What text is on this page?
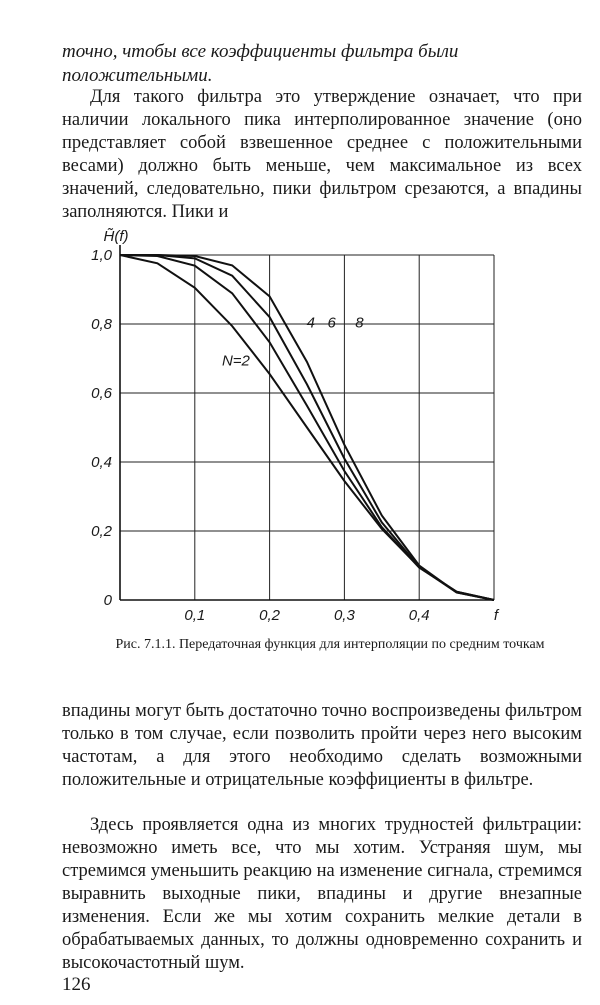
точно, чтобы все коэффициенты фильтра были положительными.

Для такого фильтра это утверждение означает, что при наличии локального пика интерполированное значение (оно представляет собой взвешенное среднее с положительными весами) должно быть меньше, чем максимальное из всех значений, следовательно, пики фильтром срезаются, а впадины заполняются. Пики и

0
0,2
0,4
0,6
0,8
1,0
0,1	0,2	0,3	0,4	f
H̃(f)
N=2
4 6 8
Рис. 7.1.1. Передаточная функция для интерполяции по средним точкам

впадины могут быть достаточно точно воспроизведены фильтром только в том случае, если позволить пройти через него высоким частотам, а для этого необходимо сделать возможными положительные и отрицательные коэффициенты в фильтре.

Здесь проявляется одна из многих трудностей фильтрации: невозможно иметь все, что мы хотим. Устраняя шум, мы стремимся уменьшить реакцию на изменение сигнала, стремимся выравнить выходные пики, впадины и другие внезапные изменения. Если же мы хотим сохранить мелкие детали в обрабатываемых данных, то должны одновременно сохранить и высокочастотный шум.

126
